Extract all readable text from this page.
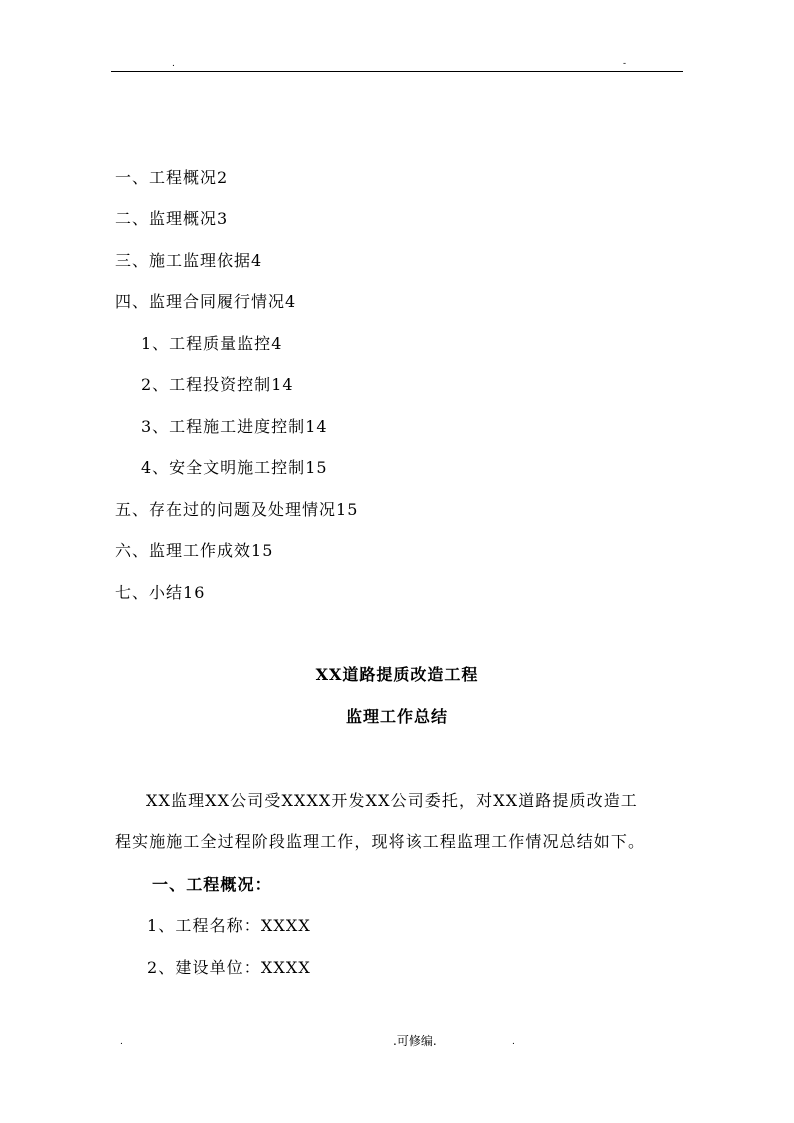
.	-
一、工程概况2
二、监理概况3
三、施工监理依据4
四、监理合同履行情况4
1、工程质量监控4
2、工程投资控制14
3、工程施工进度控制14
4、安全文明施工控制15
五、存在过的问题及处理情况15
六、监理工作成效15
七、小结16
XX道路提质改造工程
监理工作总结
XX监理XX公司受XXXX开发XX公司委托，对XX道路提质改造工
程实施施工全过程阶段监理工作，现将该工程监理工作情况总结如下。
一、工程概况：
1、工程名称：XXXX
2、建设单位：XXXX
.	.可修编.	.
